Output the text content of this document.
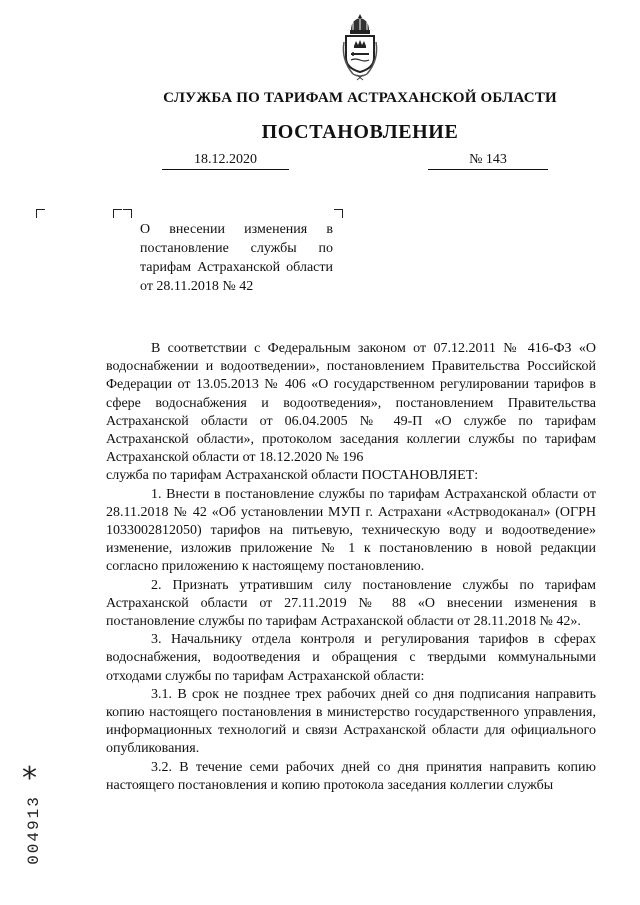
СЛУЖБА ПО ТАРИФАМ АСТРАХАНСКОЙ ОБЛАСТИ
ПОСТАНОВЛЕНИЕ
18.12.2020	№ 143
О внесении изменения в постановление службы по тарифам Астраханской области от 28.11.2018 № 42

В соответствии с Федеральным законом от 07.12.2011 № 416-ФЗ «О водоснабжении и водоотведении», постановлением Правительства Российской Федерации от 13.05.2013 № 406 «О государственном регулировании тарифов в сфере водоснабжения и водоотведения», постановлением Правительства Астраханской области от 06.04.2005 № 49-П «О службе по тарифам Астраханской области», протоколом заседания коллегии службы по тарифам Астраханской области от 18.12.2020 № 196

служба по тарифам Астраханской области ПОСТАНОВЛЯЕТ:

1. Внести в постановление службы по тарифам Астраханской области от 28.11.2018 № 42 «Об установлении МУП г. Астрахани «Астрводоканал» (ОГРН 1033002812050) тарифов на питьевую, техническую воду и водоотведение» изменение, изложив приложение № 1 к постановлению в новой редакции согласно приложению к настоящему постановлению.

2. Признать утратившим силу постановление службы по тарифам Астраханской области от 27.11.2019 № 88 «О внесении изменения в постановление службы по тарифам Астраханской области от 28.11.2018 № 42».

3. Начальнику отдела контроля и регулирования тарифов в сферах водоснабжения, водоотведения и обращения с твердыми коммунальными отходами службы по тарифам Астраханской области:

3.1. В срок не позднее трех рабочих дней со дня подписания направить копию настоящего постановления в министерство государственного управления, информационных технологий и связи Астраханской области для официального опубликования.

3.2. В течение семи рабочих дней со дня принятия направить копию настоящего постановления и копию протокола заседания коллегии службы

*
004913
